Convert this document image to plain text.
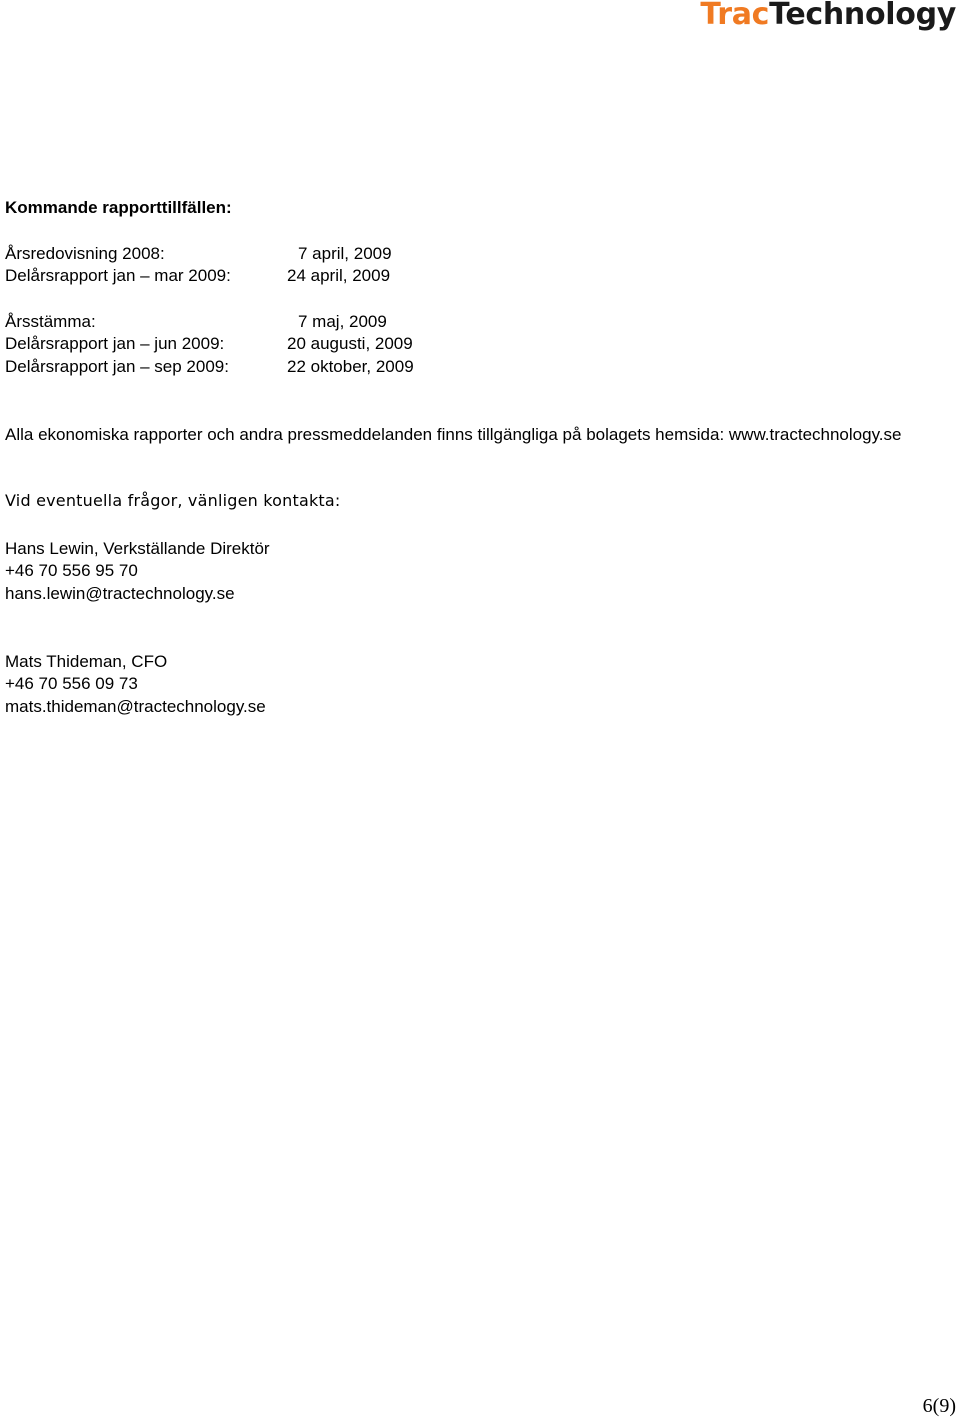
TracTechnology
Kommande rapporttillfällen:
Årsredovisning 2008:	7 april, 2009
Delårsrapport jan – mar 2009:	24 april, 2009
Årsstämma:	7 maj, 2009
Delårsrapport jan – jun 2009:	20 augusti, 2009
Delårsrapport jan – sep 2009:	22 oktober, 2009
Alla ekonomiska rapporter och andra pressmeddelanden finns tillgängliga på bolagets hemsida: www.tractechnology.se
Vid eventuella frågor, vänligen kontakta:
Hans Lewin, Verkställande Direktör
+46 70 556 95 70
hans.lewin@tractechnology.se
Mats Thideman, CFO
+46 70 556 09 73
mats.thideman@tractechnology.se
6(9)
